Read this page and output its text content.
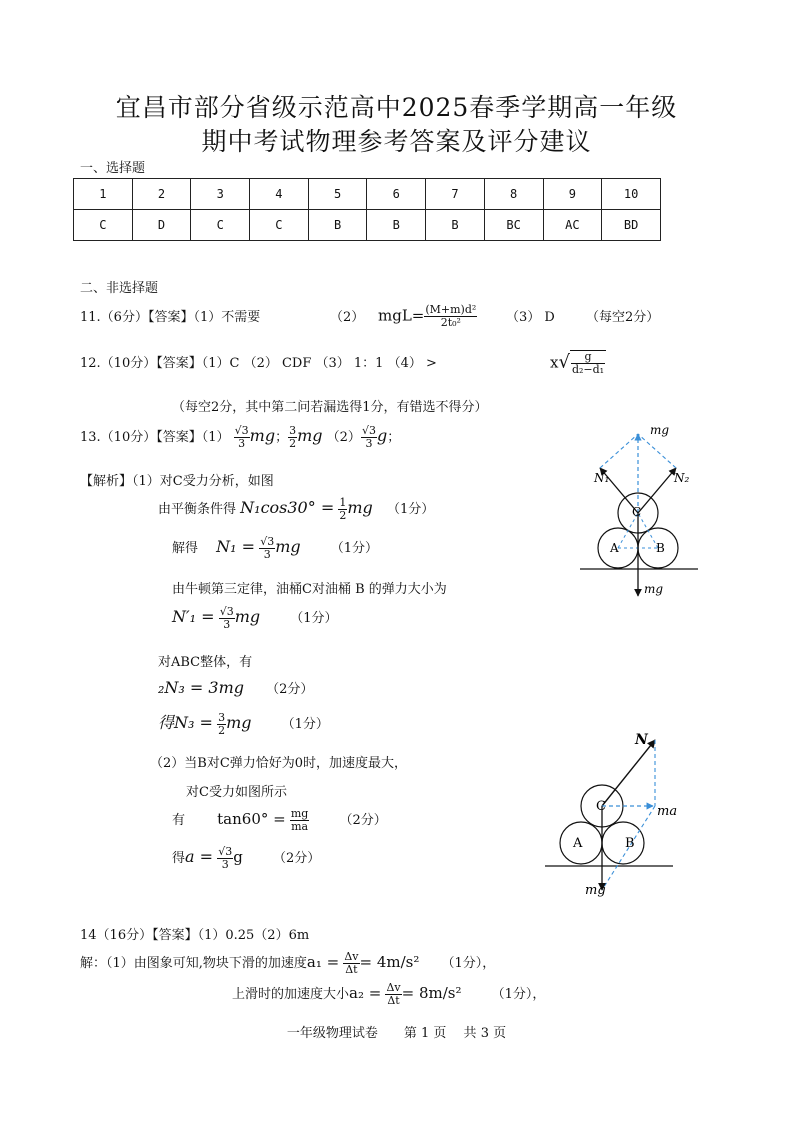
宜昌市部分省级示范高中2025春季学期高一年级
期中考试物理参考答案及评分建议
一、选择题
1	2	3	4	5	6	7	8	9	10
C	D	C	C	B	B	B	BC	AC	BD
二、非选择题
11.（6分）【答案】（1）不需要	（2） $mgL= \frac{\text{(M+m)d²}}{\text{2t₀²}} (3)$ D （每空2分）
12.（10分）【答案】（1）C （2） CDF （3） 1：1 （4） >	$x√ \frac{g}{\text{d₂−d₁}}$
（每空2分，其中第二问若漏选得1分，有错选不得分）
13.（10分）【答案】$(1) \frac{√3}{3}$ mg； $\frac{3}{2}$ mg $(2) \frac{√3}{3}$ g；
【解析】（1）对C受力分析，如图
由平衡条件得 $N_1\cos 30^\circ = \frac{1}{2}$ mg （1分）
解得 $N_1 = \frac{√3}{3}$ mg （1分）
由牛顿第三定律，油桶C对油桶 B 的弹力大小为
$N'_1 = \frac{√3}{3}$ mg （1分）
对ABC整体，有
₂N₃ = 3mg （2分）
得$N_3 = \frac{3}{2}$ mg （1分）
（2）当B对C弹力恰好为0时，加速度最大，
对C受力如图所示
有 $\tan 60^\circ = \frac{mg}{ma} (2$分）
得$a = \frac{√3}{3}$ g （2分）
mg
N₁	N₂
C
A	B
mg
N
C	ma
A	B
mg
14（16分）【答案】（1）0.25（2）6m
解：（1）由图象可知,物块下滑的加速度$a_1 = \frac{\Delta v}{\Delta t} = 4m/s^2$ （1分），
上滑时的加速度大小$a_2 = \frac{\Delta v}{\Delta t} = 8m/s^2$ （1分），
一年级物理试卷　　第 1 页　 共 3 页
